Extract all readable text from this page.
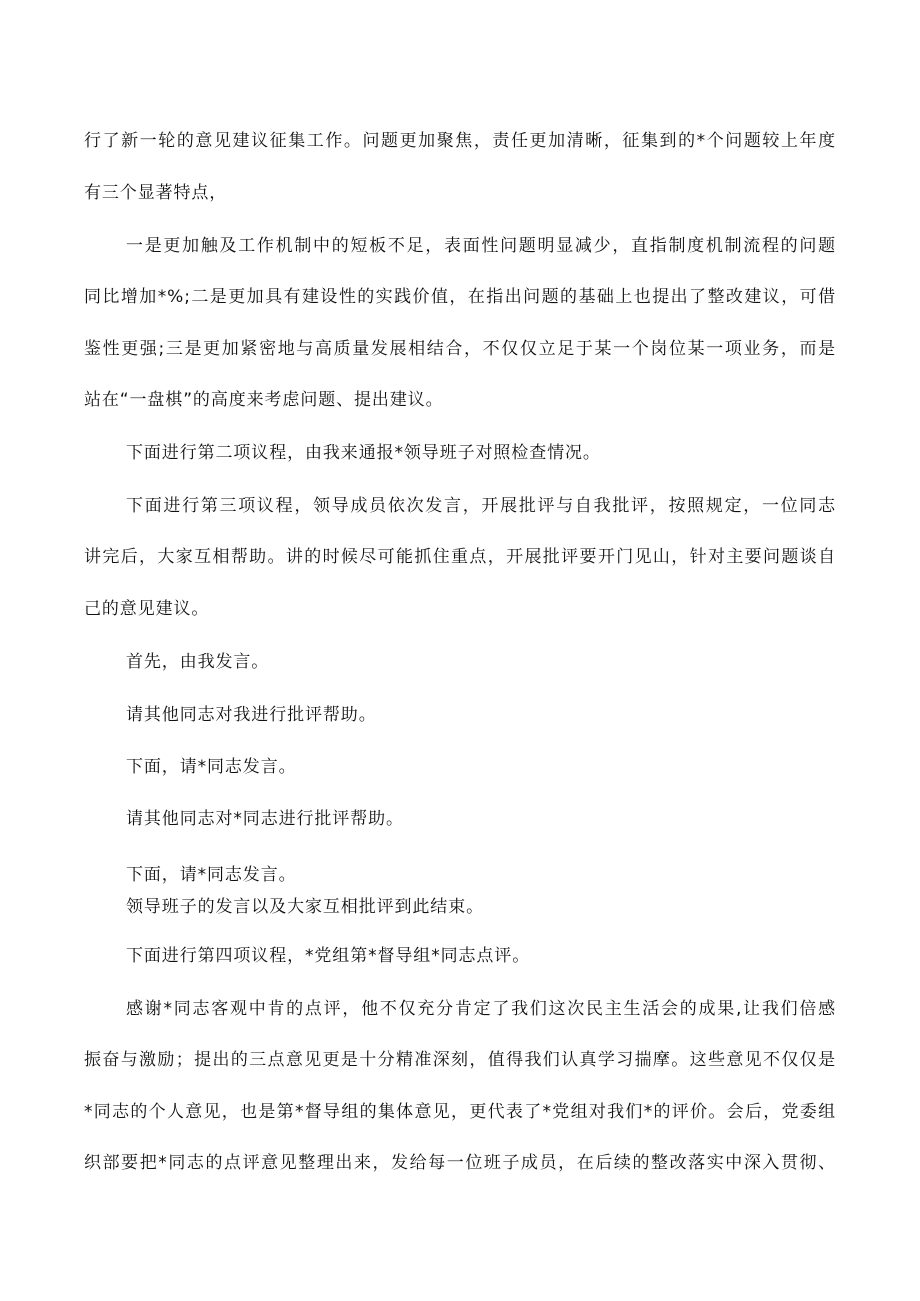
行了新一轮的意见建议征集工作。问题更加聚焦，责任更加清晰，征集到的*个问题较上年度
有三个显著特点，
一是更加触及工作机制中的短板不足，表面性问题明显减少，直指制度机制流程的问题
同比增加*%;二是更加具有建设性的实践价值，在指出问题的基础上也提出了整改建议，可借
鉴性更强;三是更加紧密地与高质量发展相结合，不仅仅立足于某一个岗位某一项业务，而是
站在“一盘棋”的高度来考虑问题、提出建议。
下面进行第二项议程，由我来通报*领导班子对照检查情况。
下面进行第三项议程，领导成员依次发言，开展批评与自我批评，按照规定，一位同志
讲完后，大家互相帮助。讲的时候尽可能抓住重点，开展批评要开门见山，针对主要问题谈自
己的意见建议。
首先，由我发言。
请其他同志对我进行批评帮助。
下面，请*同志发言。
请其他同志对*同志进行批评帮助。
下面，请*同志发言。
领导班子的发言以及大家互相批评到此结束。
下面进行第四项议程，*党组第*督导组*同志点评。
感谢*同志客观中肯的点评，他不仅充分肯定了我们这次民主生活会的成果,让我们倍感
振奋与激励；提出的三点意见更是十分精准深刻，值得我们认真学习揣摩。这些意见不仅仅是
*同志的个人意见，也是第*督导组的集体意见，更代表了*党组对我们*的评价。会后，党委组
织部要把*同志的点评意见整理出来，发给每一位班子成员，在后续的整改落实中深入贯彻、
